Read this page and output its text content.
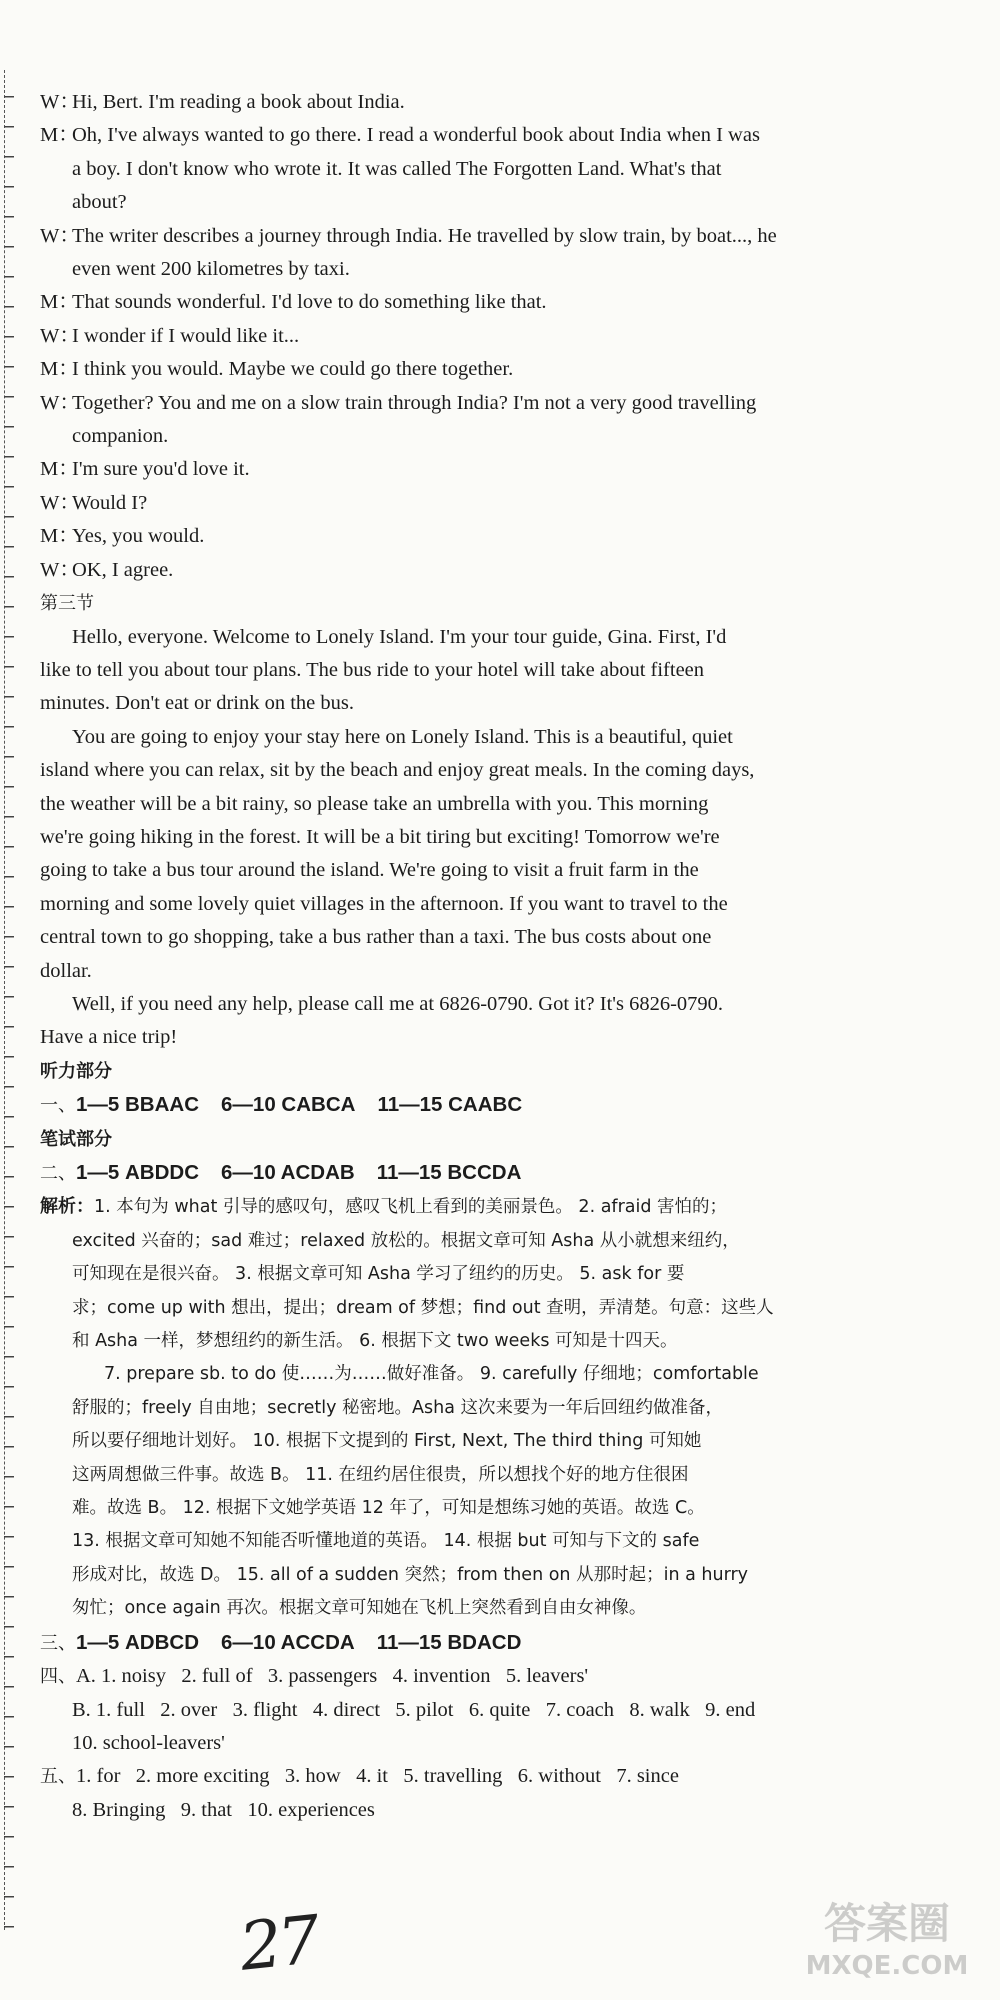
W：
Hi, Bert. I'm reading a book about India.
M：
Oh, I've always wanted to go there. I read a wonderful book about India when I was
a boy. I don't know who wrote it. It was called The Forgotten Land. What's that
about?
W：
The writer describes a journey through India. He travelled by slow train, by boat..., he
even went 200 kilometres by taxi.
M：
That sounds wonderful. I'd love to do something like that.
W：
I wonder if I would like it...
M：
I think you would. Maybe we could go there together.
W：
Together? You and me on a slow train through India? I'm not a very good travelling
companion.
M：
I'm sure you'd love it.
W：
Would I?
M：
Yes, you would.
W：
OK, I agree.
第三节
Hello, everyone. Welcome to Lonely Island. I'm your tour guide, Gina. First, I'd
like to tell you about tour plans. The bus ride to your hotel will take about fifteen
minutes. Don't eat or drink on the bus.
You are going to enjoy your stay here on Lonely Island. This is a beautiful, quiet
island where you can relax, sit by the beach and enjoy great meals. In the coming days,
the weather will be a bit rainy, so please take an umbrella with you. This morning
we're going hiking in the forest. It will be a bit tiring but exciting! Tomorrow we're
going to take a bus tour around the island. We're going to visit a fruit farm in the
morning and some lovely quiet villages in the afternoon. If you want to travel to the
central town to go shopping, take a bus rather than a taxi. The bus costs about one
dollar.
Well, if you need any help, please call me at 6826-0790. Got it? It's 6826-0790.
Have a nice trip!
听力部分
一、1—5 BBAAC 6—10 CABCA 11—15 CAABC
笔试部分
二、1—5 ABDDC 6—10 ACDAB 11—15 BCCDA
解析：1. 本句为 what 引导的感叹句，感叹飞机上看到的美丽景色。 2. afraid 害怕的；
excited 兴奋的；sad 难过；relaxed 放松的。根据文章可知 Asha 从小就想来纽约，
可知现在是很兴奋。 3. 根据文章可知 Asha 学习了纽约的历史。 5. ask for 要
求；come up with 想出，提出；dream of 梦想；find out 查明，弄清楚。句意：这些人
和 Asha 一样，梦想纽约的新生活。 6. 根据下文 two weeks 可知是十四天。
7. prepare sb. to do 使……为……做好准备。 9. carefully 仔细地；comfortable
舒服的；freely 自由地；secretly 秘密地。Asha 这次来要为一年后回纽约做准备，
所以要仔细地计划好。 10. 根据下文提到的 First, Next, The third thing 可知她
这两周想做三件事。故选 B。 11. 在纽约居住很贵，所以想找个好的地方住很困
难。故选 B。 12. 根据下文她学英语 12 年了，可知是想练习她的英语。故选 C。
13. 根据文章可知她不知能否听懂地道的英语。 14. 根据 but 可知与下文的 safe
形成对比，故选 D。 15. all of a sudden 突然；from then on 从那时起；in a hurry
匆忙；once again 再次。根据文章可知她在飞机上突然看到自由女神像。
三、1—5 ADBCD 6—10 ACCDA 11—15 BDACD
四、A. 1. noisy   2. full of   3. passengers   4. invention   5. leavers'
B. 1. full   2. over   3. flight   4. direct   5. pilot   6. quite   7. coach   8. walk   9. end
10. school-leavers'
五、1. for   2. more exciting   3. how   4. it   5. travelling   6. without   7. since
8. Bringing   9. that   10. experiences
27	答案圈
MXQE.COM
